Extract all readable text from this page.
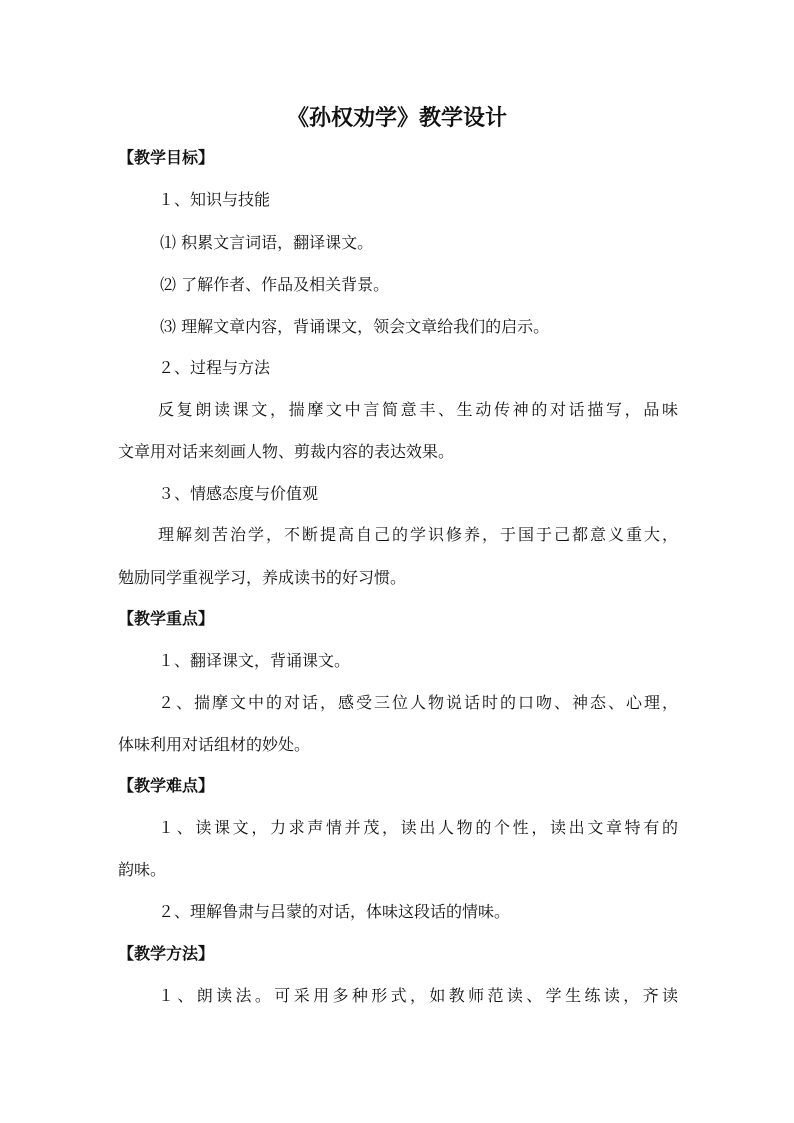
《孙权劝学》教学设计
【教学目标】
１、知识与技能
⑴ 积累文言词语，翻译课文。
⑵ 了解作者、作品及相关背景。
⑶ 理解文章内容，背诵课文，领会文章给我们的启示。
２、过程与方法
反复朗读课文，揣摩文中言简意丰、生动传神的对话描写，品味
文章用对话来刻画人物、剪裁内容的表达效果。
３、情感态度与价值观
理解刻苦治学，不断提高自己的学识修养，于国于己都意义重大，
勉励同学重视学习，养成读书的好习惯。
【教学重点】
１、翻译课文，背诵课文。
２、揣摩文中的对话，感受三位人物说话时的口吻、神态、心理，
体味利用对话组材的妙处。
【教学难点】
１、读课文，力求声情并茂，读出人物的个性，读出文章特有的
韵味。
２、理解鲁肃与吕蒙的对话，体味这段话的情味。
【教学方法】
１、朗读法。可采用多种形式，如教师范读、学生练读，齐读
